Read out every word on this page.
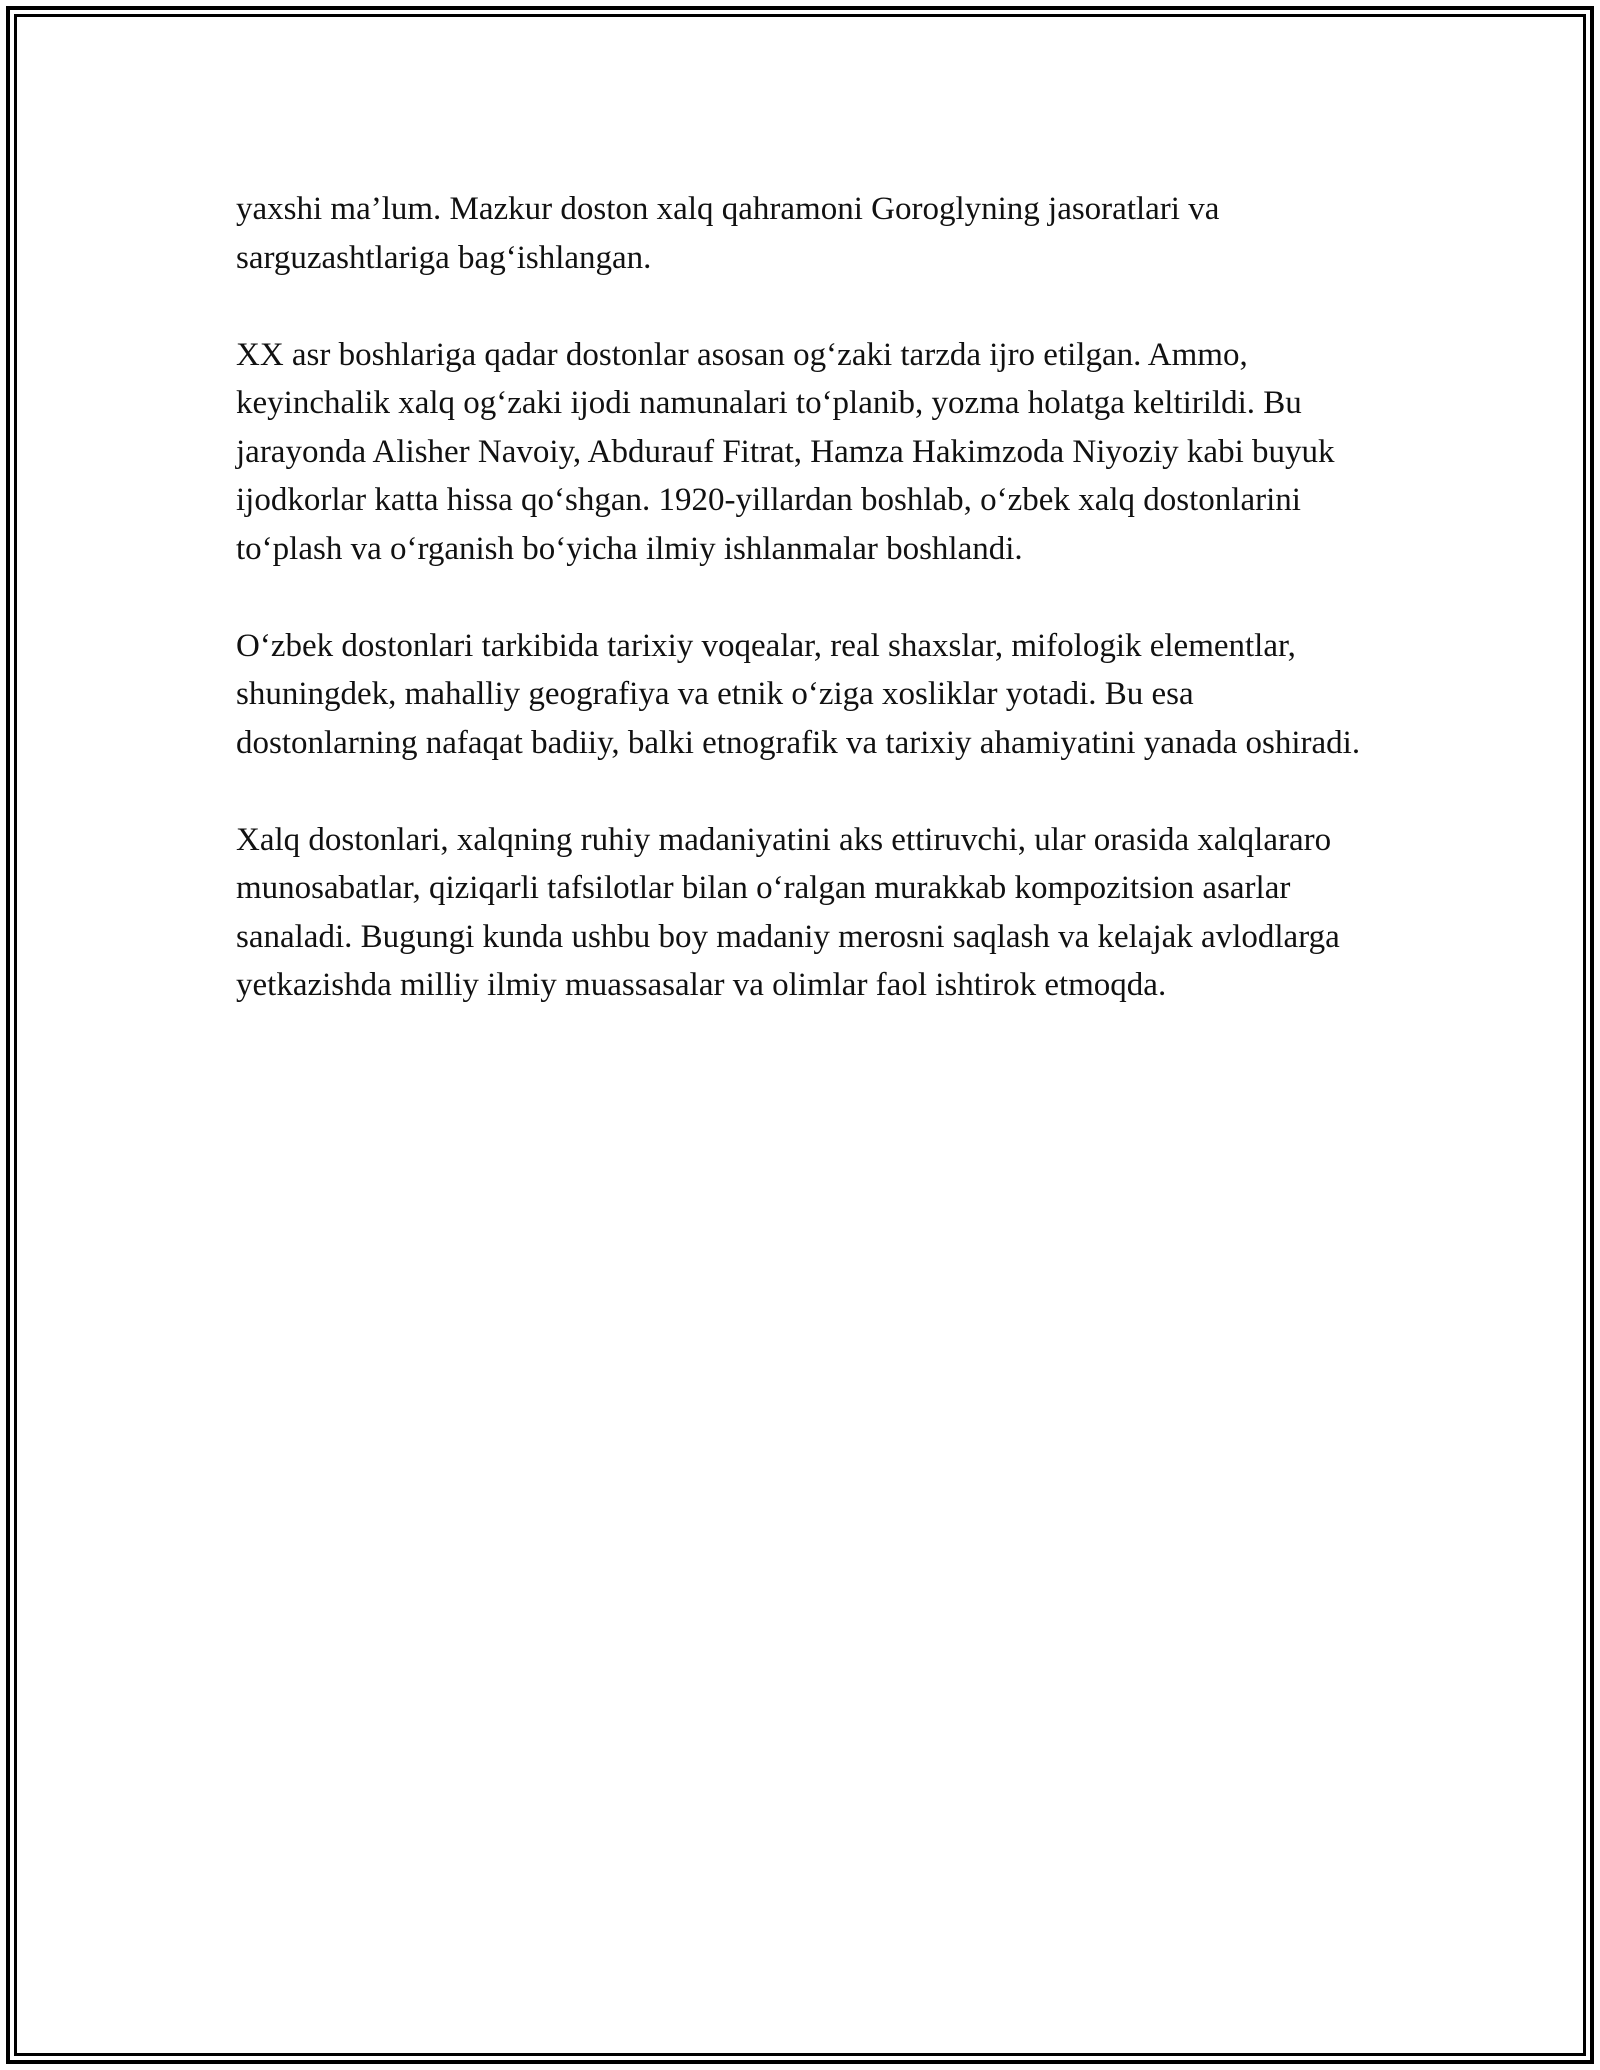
yaxshi ma’lum. Mazkur doston xalq qahramoni Goroglyning jasoratlari va sarguzashtlariga bag‘ishlangan.

XX asr boshlariga qadar dostonlar asosan og‘zaki tarzda ijro etilgan. Ammo, keyinchalik xalq og‘zaki ijodi namunalari to‘planib, yozma holatga keltirildi. Bu jarayonda Alisher Navoiy, Abdurauf Fitrat, Hamza Hakimzoda Niyoziy kabi buyuk ijodkorlar katta hissa qo‘shgan. 1920-yillardan boshlab, o‘zbek xalq dostonlarini to‘plash va o‘rganish bo‘yicha ilmiy ishlanmalar boshlandi.

O‘zbek dostonlari tarkibida tarixiy voqealar, real shaxslar, mifologik elementlar, shuningdek, mahalliy geografiya va etnik o‘ziga xosliklar yotadi. Bu esa dostonlarning nafaqat badiiy, balki etnografik va tarixiy ahamiyatini yanada oshiradi.

Xalq dostonlari, xalqning ruhiy madaniyatini aks ettiruvchi, ular orasida xalqlararo munosabatlar, qiziqarli tafsilotlar bilan o‘ralgan murakkab kompozitsion asarlar sanaladi. Bugungi kunda ushbu boy madaniy merosni saqlash va kelajak avlodlarga yetkazishda milliy ilmiy muassasalar va olimlar faol ishtirok etmoqda.
